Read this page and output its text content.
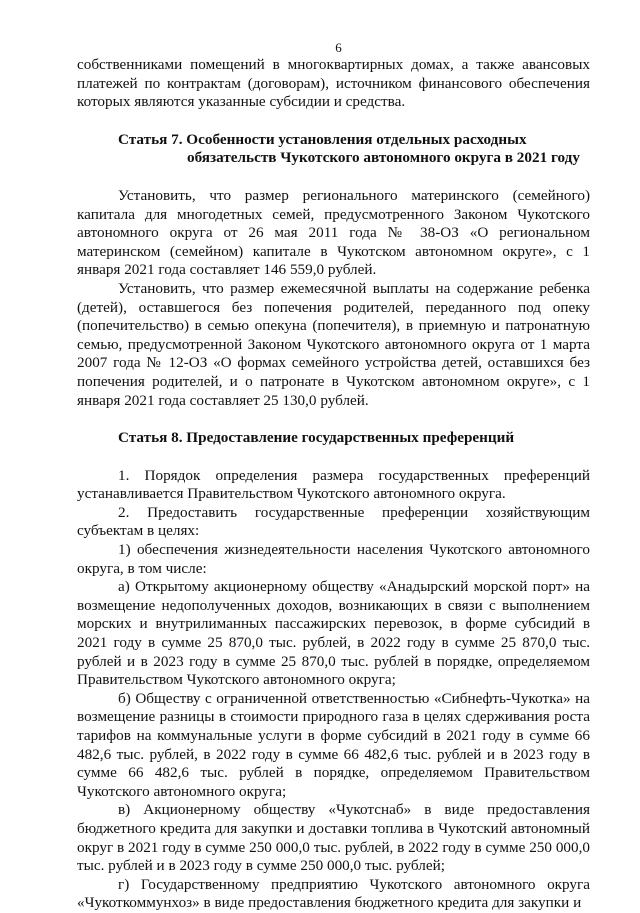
6

собственниками помещений в многоквартирных домах, а также авансовых платежей по контрактам (договорам), источником финансового обеспечения которых являются указанные субсидии и средства.

Статья 7. Особенности установления отдельных расходных
обязательств Чукотского автономного округа в 2021 году

Установить, что размер регионального материнского (семейного) капитала для многодетных семей, предусмотренного Законом Чукотского автономного округа от 26 мая 2011 года № 38-ОЗ «О региональном материнском (семейном) капитале в Чукотском автономном округе», с 1 января 2021 года составляет 146 559,0 рублей.

Установить, что размер ежемесячной выплаты на содержание ребенка (детей), оставшегося без попечения родителей, переданного под опеку (попечительство) в семью опекуна (попечителя), в приемную и патронатную семью, предусмотренной Законом Чукотского автономного округа от 1 марта 2007 года № 12-ОЗ «О формах семейного устройства детей, оставшихся без попечения родителей, и о патронате в Чукотском автономном округе», с 1 января 2021 года составляет 25 130,0 рублей.

Статья 8. Предоставление государственных преференций

1. Порядок определения размера государственных преференций устанавливается Правительством Чукотского автономного округа.

2. Предоставить государственные преференции хозяйствующим субъектам в целях:

1) обеспечения жизнедеятельности населения Чукотского автономного округа, в том числе:

а) Открытому акционерному обществу «Анадырский морской порт» на возмещение недополученных доходов, возникающих в связи с выполнением морских и внутрилиманных пассажирских перевозок, в форме субсидий в 2021 году в сумме 25 870,0 тыс. рублей, в 2022 году в сумме 25 870,0 тыс. рублей и в 2023 году в сумме 25 870,0 тыс. рублей в порядке, определяемом Правительством Чукотского автономного округа;

б) Обществу с ограниченной ответственностью «Сибнефть-Чукотка» на возмещение разницы в стоимости природного газа в целях сдерживания роста тарифов на коммунальные услуги в форме субсидий в 2021 году в сумме 66 482,6 тыс. рублей, в 2022 году в сумме 66 482,6 тыс. рублей и в 2023 году в сумме 66 482,6 тыс. рублей в порядке, определяемом Правительством Чукотского автономного округа;

в) Акционерному обществу «Чукотснаб» в виде предоставления бюджетного кредита для закупки и доставки топлива в Чукотский автономный округ в 2021 году в сумме 250 000,0 тыс. рублей, в 2022 году в сумме 250 000,0 тыс. рублей и в 2023 году в сумме 250 000,0 тыс. рублей;

г) Государственному предприятию Чукотского автономного округа «Чукоткоммунхоз» в виде предоставления бюджетного кредита для закупки и
